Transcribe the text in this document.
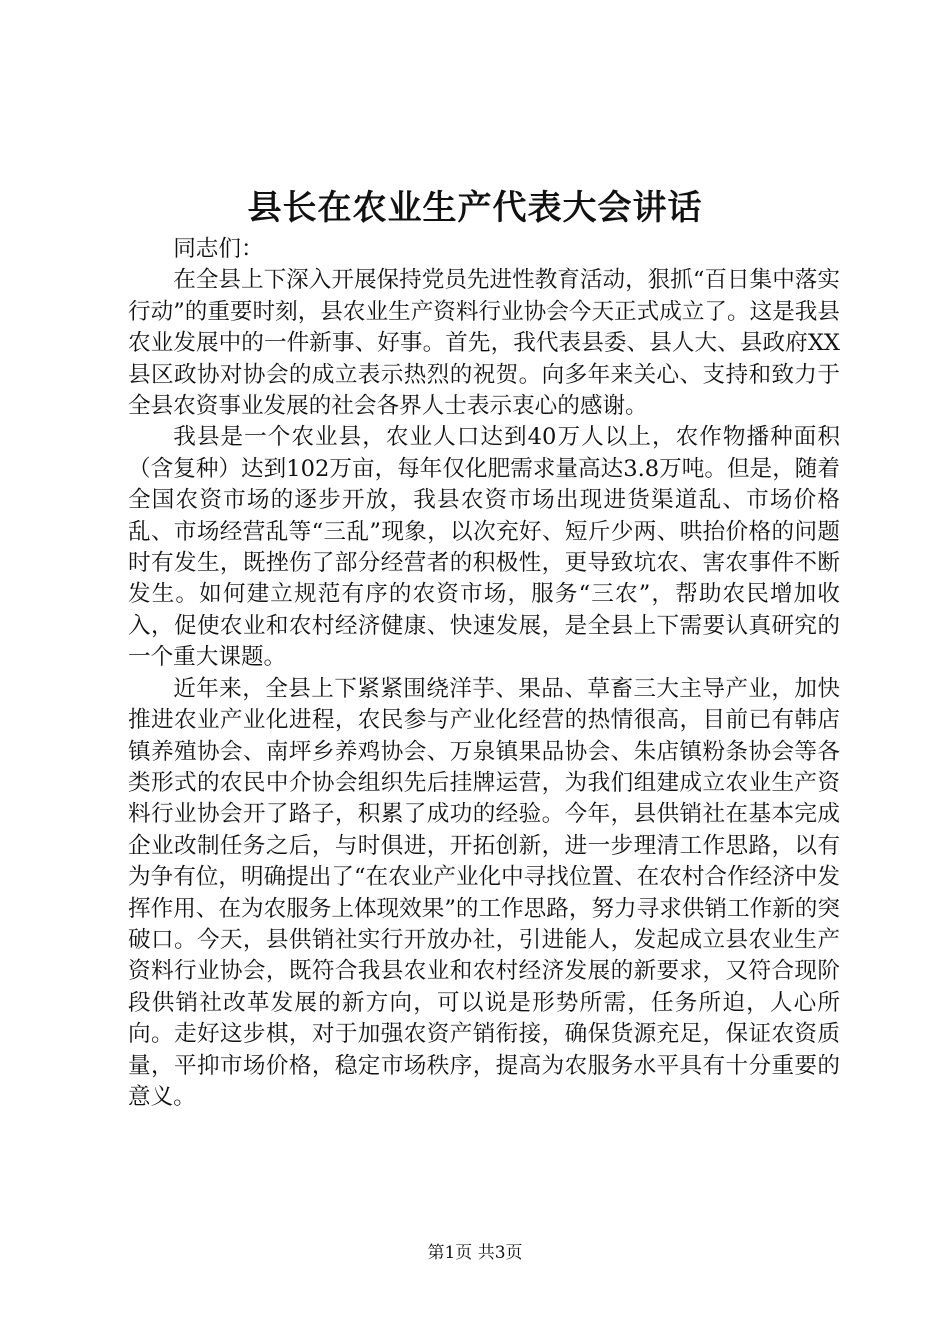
县长在农业生产代表大会讲话

同志们：

在全县上下深入开展保持党员先进性教育活动，狠抓“百日集中落实行动”的重要时刻，县农业生产资料行业协会今天正式成立了。这是我县农业发展中的一件新事、好事。首先，我代表县委、县人大、县政府XX县区政协对协会的成立表示热烈的祝贺。向多年来关心、支持和致力于全县农资事业发展的社会各界人士表示衷心的感谢。

我县是一个农业县，农业人口达到40万人以上，农作物播种面积（含复种）达到102万亩，每年仅化肥需求量高达3.8万吨。但是，随着全国农资市场的逐步开放，我县农资市场出现进货渠道乱、市场价格乱、市场经营乱等“三乱”现象，以次充好、短斤少两、哄抬价格的问题时有发生，既挫伤了部分经营者的积极性，更导致坑农、害农事件不断发生。如何建立规范有序的农资市场，服务“三农”，帮助农民增加收入，促使农业和农村经济健康、快速发展，是全县上下需要认真研究的一个重大课题。

近年来，全县上下紧紧围绕洋芋、果品、草畜三大主导产业，加快推进农业产业化进程，农民参与产业化经营的热情很高，目前已有韩店镇养殖协会、南坪乡养鸡协会、万泉镇果品协会、朱店镇粉条协会等各类形式的农民中介协会组织先后挂牌运营，为我们组建成立农业生产资料行业协会开了路子，积累了成功的经验。今年，县供销社在基本完成企业改制任务之后，与时俱进，开拓创新，进一步理清工作思路，以有为争有位，明确提出了“在农业产业化中寻找位置、在农村合作经济中发挥作用、在为农服务上体现效果”的工作思路，努力寻求供销工作新的突破口。今天，县供销社实行开放办社，引进能人，发起成立县农业生产资料行业协会，既符合我县农业和农村经济发展的新要求，又符合现阶段供销社改革发展的新方向，可以说是形势所需，任务所迫，人心所向。走好这步棋，对于加强农资产销衔接，确保货源充足，保证农资质量，平抑市场价格，稳定市场秩序，提高为农服务水平具有十分重要的意义。

第1页 共3页
